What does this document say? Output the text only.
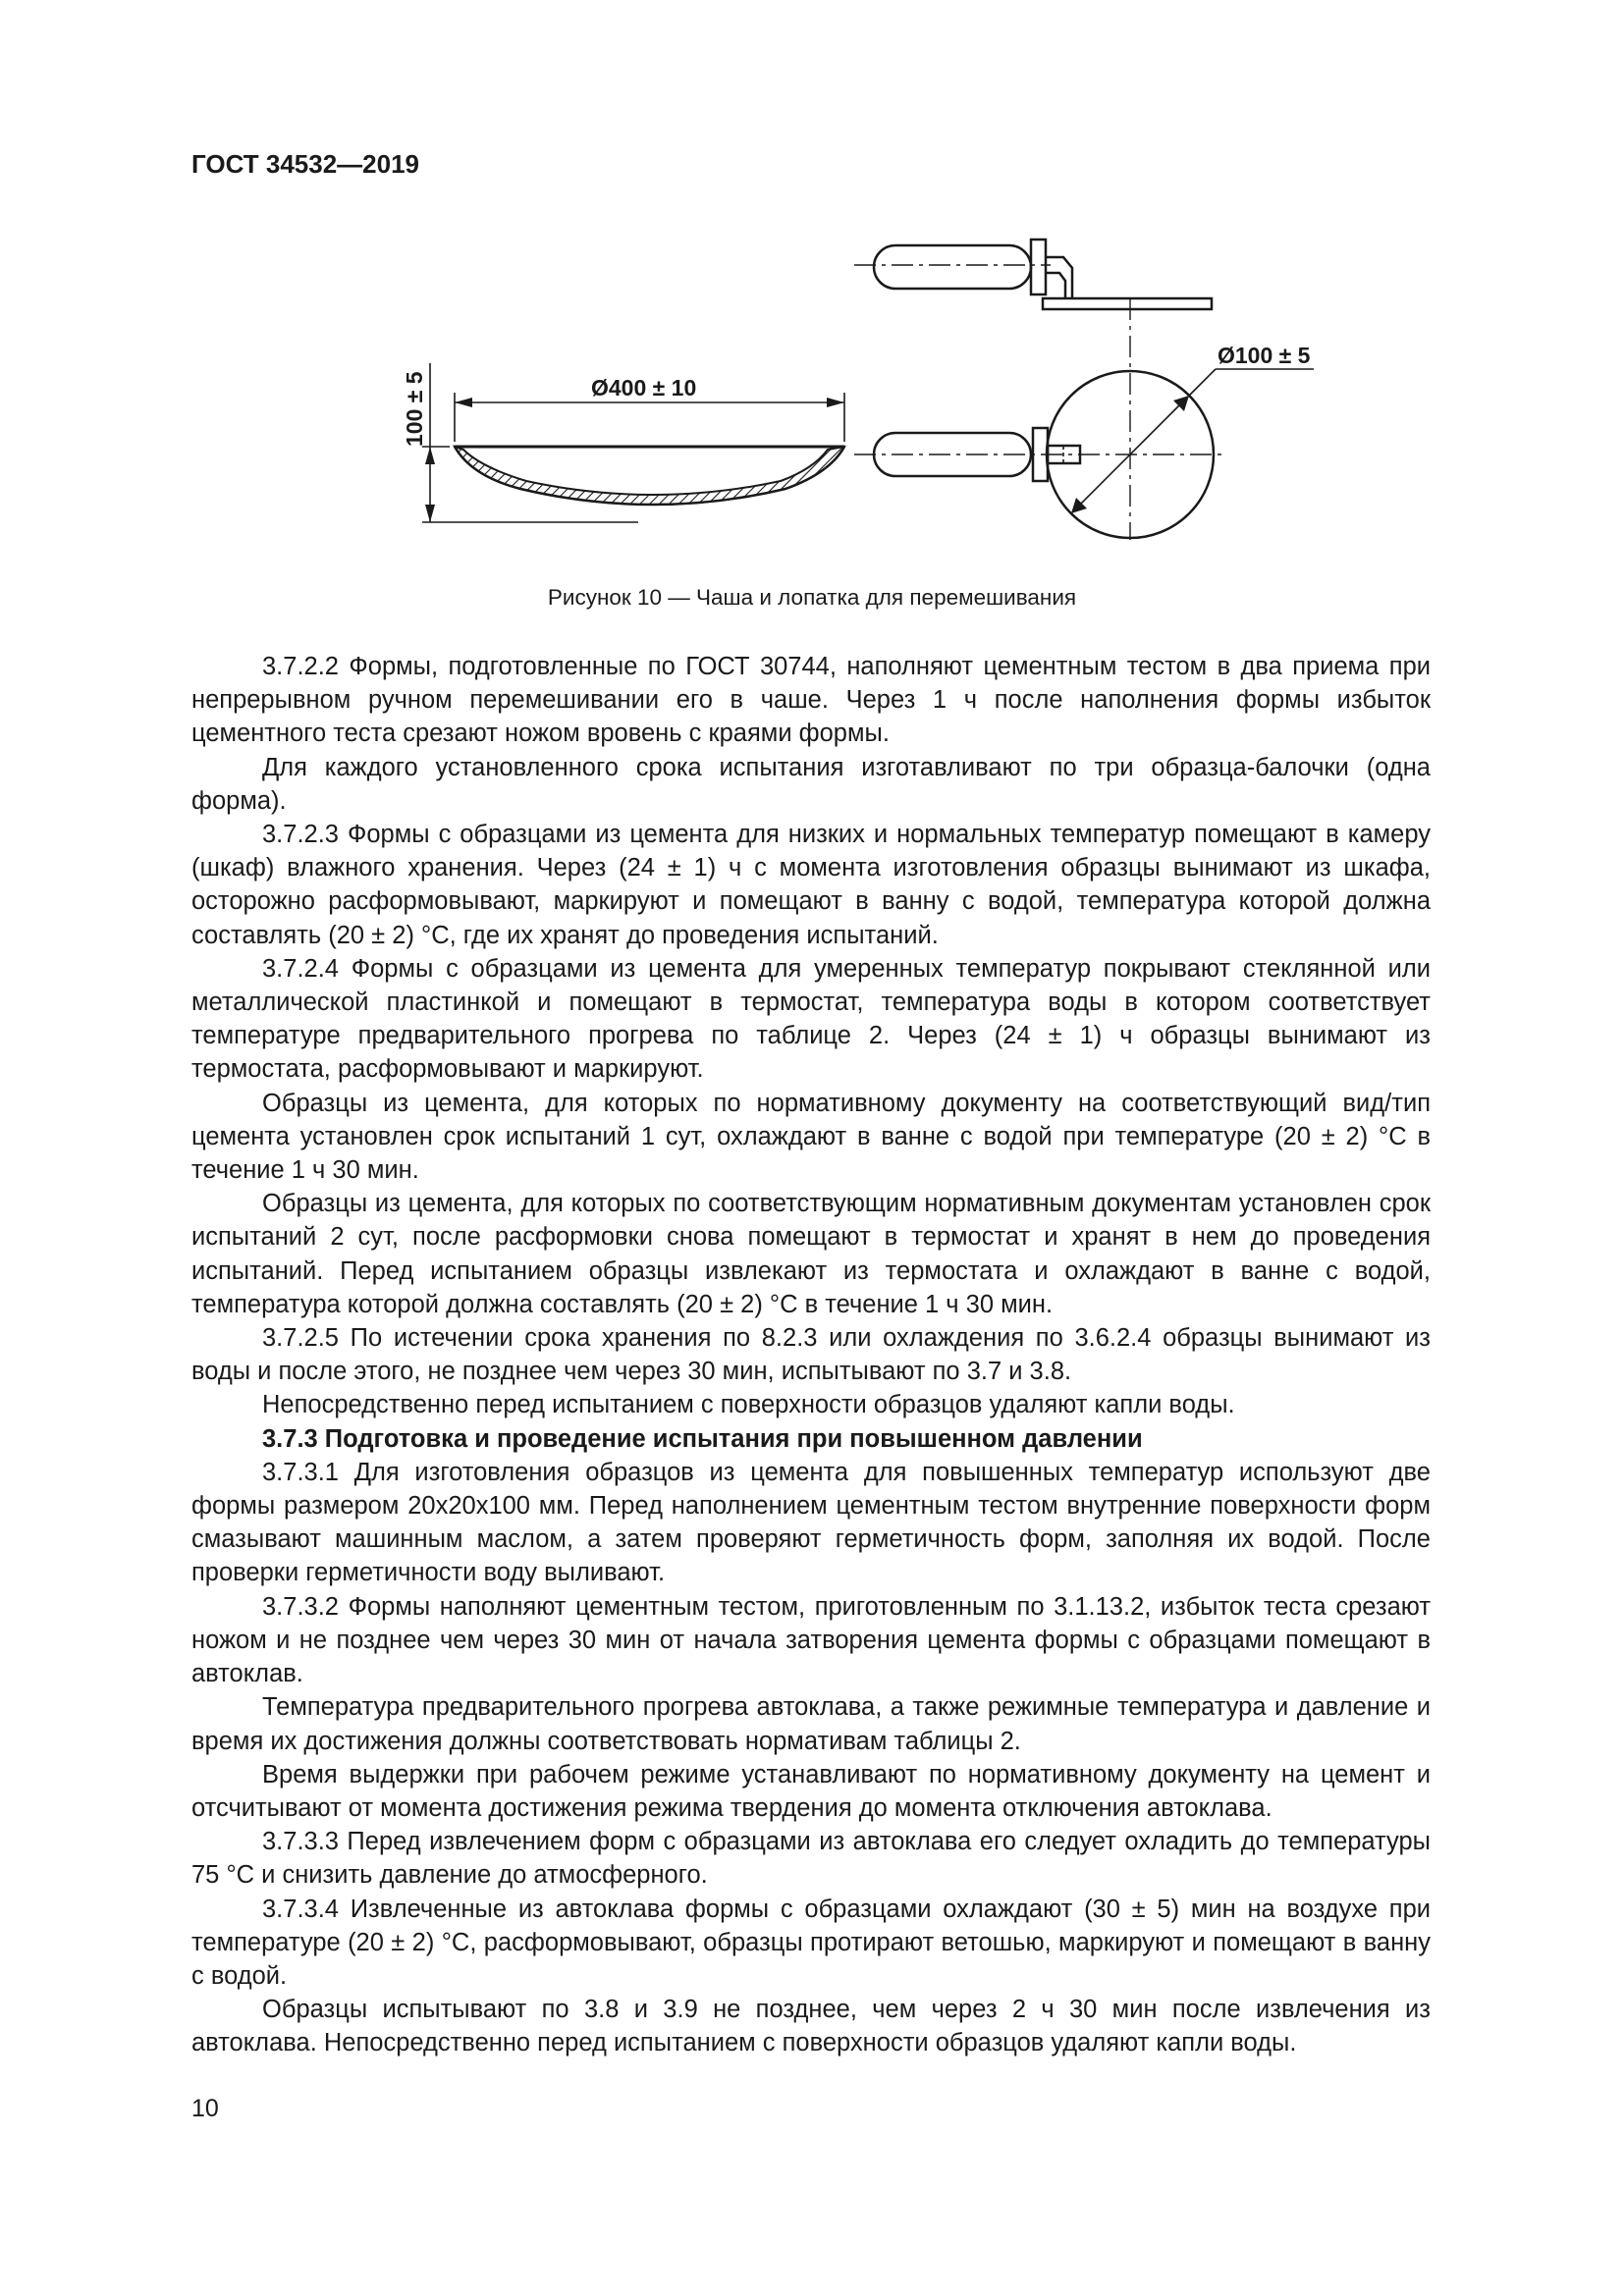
ГОСТ 34532—2019
Ø400 ± 10
100 ± 5
Ø100 ± 5
Рисунок 10 — Чаша и лопатка для перемешивания

3.7.2.2 Формы, подготовленные по ГОСТ 30744, наполняют цементным тестом в два приема при непрерывном ручном перемешивании его в чаше. Через 1 ч после наполнения формы избыток цементного теста срезают ножом вровень с краями формы.

Для каждого установленного срока испытания изготавливают по три образца-балочки (одна форма).

3.7.2.3 Формы с образцами из цемента для низких и нормальных температур помещают в камеру (шкаф) влажного хранения. Через (24 ± 1) ч с момента изготовления образцы вынимают из шкафа, осторожно расформовывают, маркируют и помещают в ванну с водой, температура которой должна составлять (20 ± 2) °С, где их хранят до проведения испытаний.

3.7.2.4 Формы с образцами из цемента для умеренных температур покрывают стеклянной или металлической пластинкой и помещают в термостат, температура воды в котором соответствует температуре предварительного прогрева по таблице 2. Через (24 ± 1) ч образцы вынимают из термостата, расформовывают и маркируют.

Образцы из цемента, для которых по нормативному документу на соответствующий вид/тип цемента установлен срок испытаний 1 сут, охлаждают в ванне с водой при температуре (20 ± 2) °С в течение 1 ч 30 мин.

Образцы из цемента, для которых по соответствующим нормативным документам установлен срок испытаний 2 сут, после расформовки снова помещают в термостат и хранят в нем до проведения испытаний. Перед испытанием образцы извлекают из термостата и охлаждают в ванне с водой, температура которой должна составлять (20 ± 2) °С в течение 1 ч 30 мин.

3.7.2.5 По истечении срока хранения по 8.2.3 или охлаждения по 3.6.2.4 образцы вынимают из воды и после этого, не позднее чем через 30 мин, испытывают по 3.7 и 3.8.

Непосредственно перед испытанием с поверхности образцов удаляют капли воды.

3.7.3 Подготовка и проведение испытания при повышенном давлении

3.7.3.1 Для изготовления образцов из цемента для повышенных температур используют две формы размером 20х20х100 мм. Перед наполнением цементным тестом внутренние поверхности форм смазывают машинным маслом, а затем проверяют герметичность форм, заполняя их водой. После проверки герметичности воду выливают.

3.7.3.2 Формы наполняют цементным тестом, приготовленным по 3.1.13.2, избыток теста срезают ножом и не позднее чем через 30 мин от начала затворения цемента формы с образцами помещают в автоклав.

Температура предварительного прогрева автоклава, а также режимные температура и давление и время их достижения должны соответствовать нормативам таблицы 2.

Время выдержки при рабочем режиме устанавливают по нормативному документу на цемент и отсчитывают от момента достижения режима твердения до момента отключения автоклава.

3.7.3.3 Перед извлечением форм с образцами из автоклава его следует охладить до температуры 75 °С и снизить давление до атмосферного.

3.7.3.4 Извлеченные из автоклава формы с образцами охлаждают (30 ± 5) мин на воздухе при температуре (20 ± 2) °С, расформовывают, образцы протирают ветошью, маркируют и помещают в ванну с водой.

Образцы испытывают по 3.8 и 3.9 не позднее, чем через 2 ч 30 мин после извлечения из автоклава. Непосредственно перед испытанием с поверхности образцов удаляют капли воды.

10
